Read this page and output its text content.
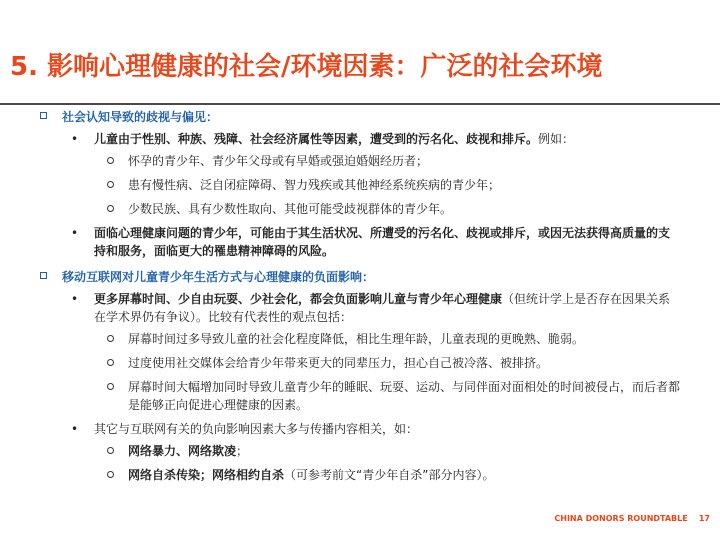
5. 影响心理健康的社会/环境因素：广泛的社会环境
社会认知导致的歧视与偏见：
• 儿童由于性别、种族、残障、社会经济属性等因素，遭受到的污名化、歧视和排斥。例如：
怀孕的青少年、青少年父母或有早婚或强迫婚姻经历者；
患有慢性病、泛自闭症障碍、智力残疾或其他神经系统疾病的青少年；
少数民族、具有少数性取向、其他可能受歧视群体的青少年。
• 面临心理健康问题的青少年，可能由于其生活状况、所遭受的污名化、歧视或排斥，或因无法获得高质量的支持和服务，面临更大的罹患精神障碍的风险。
移动互联网对儿童青少年生活方式与心理健康的负面影响：
• 更多屏幕时间、少自由玩耍、少社会化，都会负面影响儿童与青少年心理健康（但统计学上是否存在因果关系在学术界仍有争议）。比较有代表性的观点包括：
屏幕时间过多导致儿童的社会化程度降低，相比生理年龄，儿童表现的更晚熟、脆弱。
过度使用社交媒体会给青少年带来更大的同辈压力，担心自己被冷落、被排挤。
屏幕时间大幅增加同时导致儿童青少年的睡眠、玩耍、运动、与同伴面对面相处的时间被侵占，而后者都是能够正向促进心理健康的因素。
• 其它与互联网有关的负向影响因素大多与传播内容相关，如：
网络暴力、网络欺凌；
网络自杀传染；网络相约自杀（可参考前文“青少年自杀”部分内容）。
CHINA DONORS ROUNDTABLE 17
